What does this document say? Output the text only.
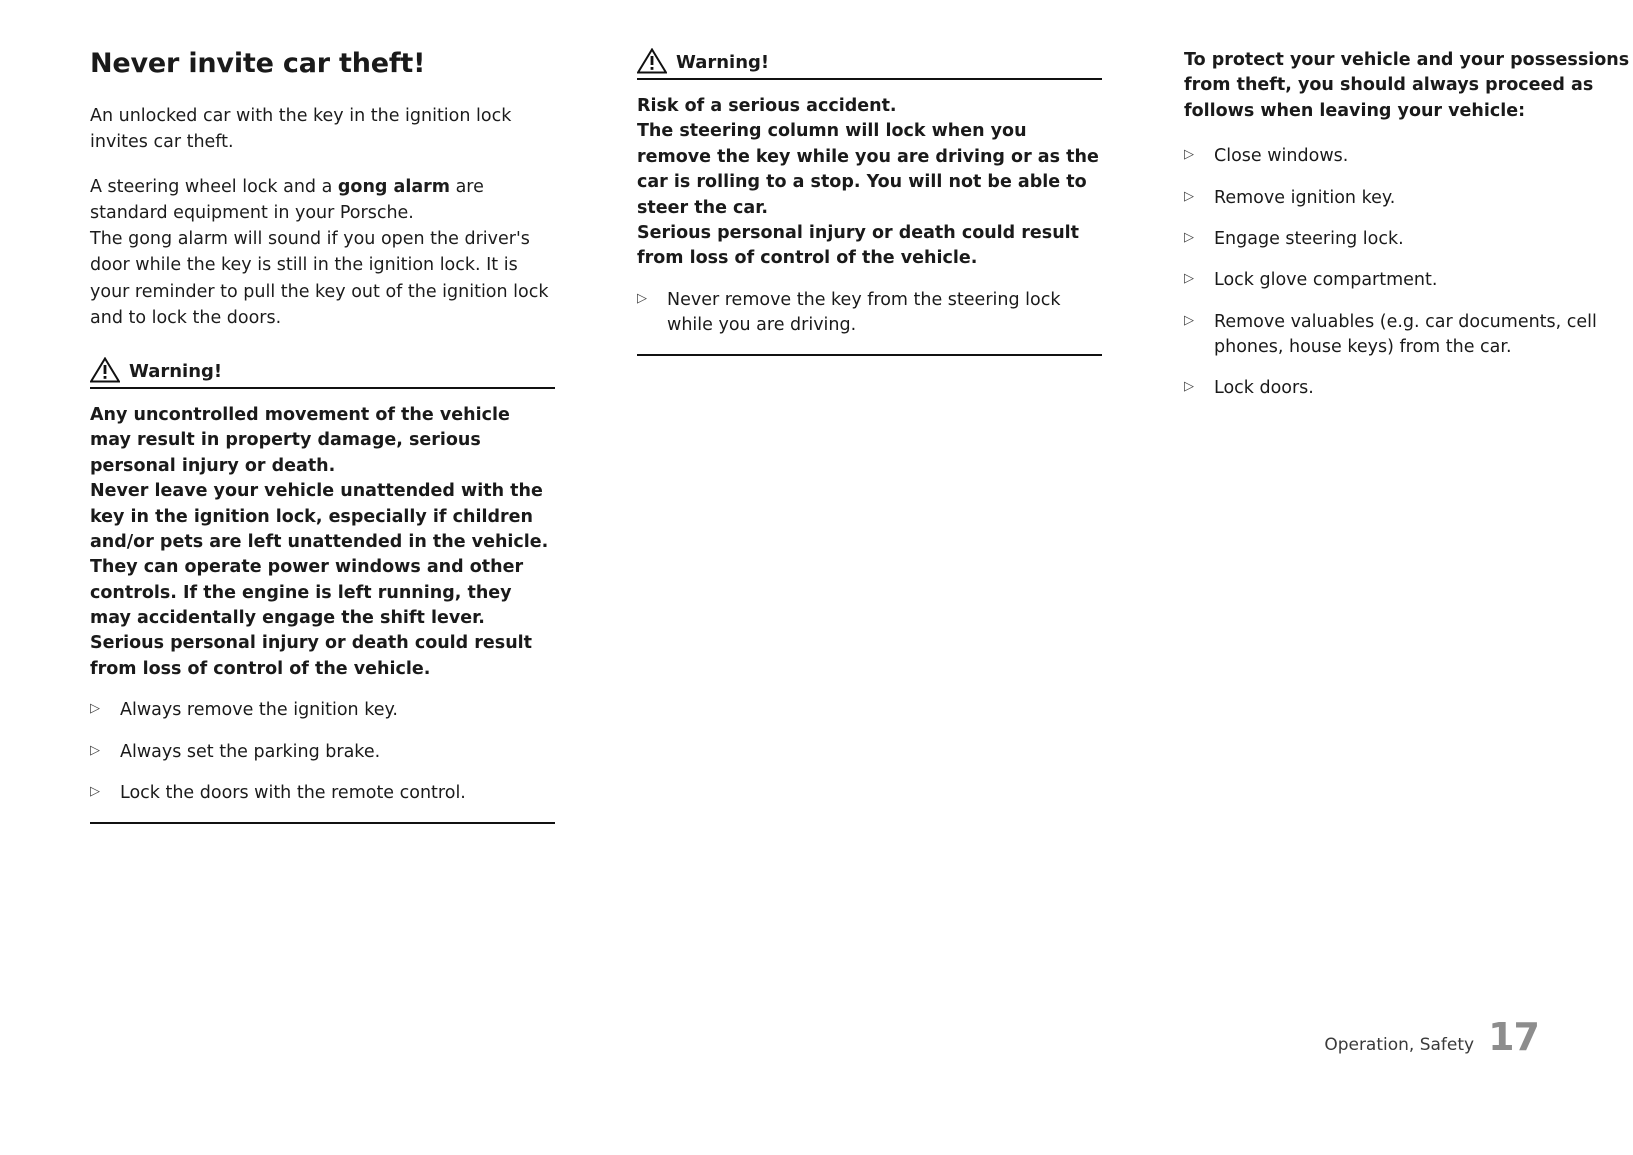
Never invite car theft!

An unlocked car with the key in the ignition lock invites car theft.

A steering wheel lock and a gong alarm are standard equipment in your Porsche.

The gong alarm will sound if you open the driver's door while the key is still in the ignition lock. It is your reminder to pull the key out of the ignition lock and to lock the doors.

Warning!
Any uncontrolled movement of the vehicle may result in property damage, serious personal injury or death.
Never leave your vehicle unattended with the key in the ignition lock, especially if children and/or pets are left unattended in the vehicle. They can operate power windows and other controls. If the engine is left running, they may accidentally engage the shift lever. Serious personal injury or death could result from loss of control of the vehicle.
▷	Always remove the ignition key.
▷	Always set the parking brake.
▷	Lock the doors with the remote control.
Warning!
Risk of a serious accident.
The steering column will lock when you remove the key while you are driving or as the car is rolling to a stop. You will not be able to steer the car.
Serious personal injury or death could result from loss of control of the vehicle.
▷	Never remove the key from the steering lock while you are driving.
To protect your vehicle and your possessions from theft, you should always proceed as follows when leaving your vehicle:
▷	Close windows.
▷	Remove ignition key.
▷	Engage steering lock.
▷	Lock glove compartment.
▷	Remove valuables (e.g. car documents, cell phones, house keys) from the car.
▷	Lock doors.
Operation, Safety 17
